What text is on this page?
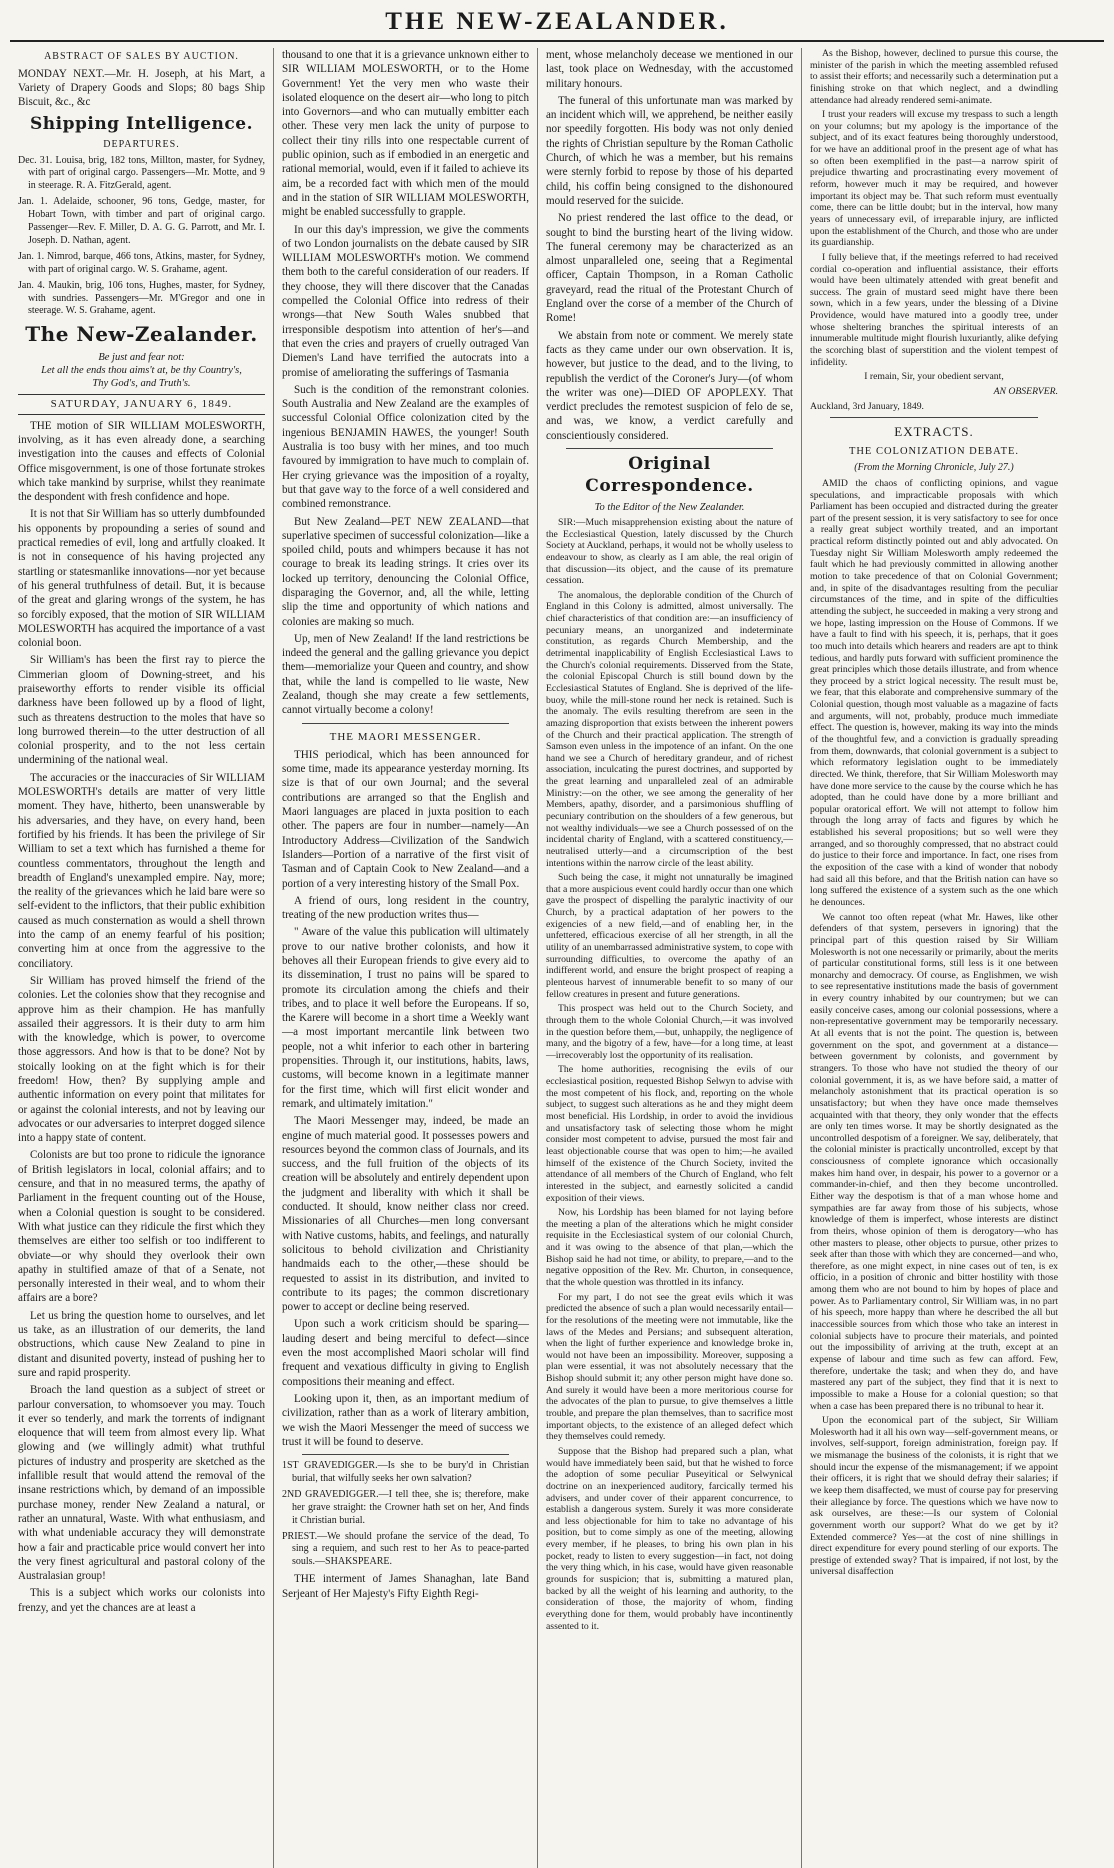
THE NEW-ZEALANDER.
ABSTRACT OF SALES BY AUCTION.

MONDAY NEXT.—Mr. H. Joseph, at his Mart, a Variety of Drapery Goods and Slops; 80 bags Ship Biscuit, &c., &c

Shipping Intelligence.
DEPARTURES.

Dec. 31. Louisa, brig, 182 tons, Millton, master, for Sydney, with part of original cargo. Passengers—Mr. Motte, and 9 in steerage. R. A. FitzGerald, agent.

Jan. 1. Adelaide, schooner, 96 tons, Gedge, master, for Hobart Town, with timber and part of original cargo. Passenger—Rev. F. Miller, D. A. G. G. Parrott, and Mr. I. Joseph. D. Nathan, agent.

Jan. 1. Nimrod, barque, 466 tons, Atkins, master, for Sydney, with part of original cargo. W. S. Grahame, agent.

Jan. 4. Maukin, brig, 106 tons, Hughes, master, for Sydney, with sundries. Passengers—Mr. M'Gregor and one in steerage. W. S. Grahame, agent.

The New-Zealander.
Be just and fear not:
Let all the ends thou aims't at, be thy Country's,
Thy God's, and Truth's.
SATURDAY, JANUARY 6, 1849.

THE motion of SIR WILLIAM MOLESWORTH, involving, as it has even already done, a searching investigation into the causes and effects of Colonial Office misgovernment, is one of those fortunate strokes which take mankind by surprise, whilst they reanimate the despondent with fresh confidence and hope.

It is not that Sir William has so utterly dumbfounded his opponents by propounding a series of sound and practical remedies of evil, long and artfully cloaked. It is not in consequence of his having projected any startling or statesmanlike innovations—nor yet because of his general truthfulness of detail. But, it is because of the great and glaring wrongs of the system, he has so forcibly exposed, that the motion of SIR WILLIAM MOLESWORTH has acquired the importance of a vast colonial boon.

Sir William's has been the first ray to pierce the Cimmerian gloom of Downing-street, and his praiseworthy efforts to render visible its official darkness have been followed up by a flood of light, such as threatens destruction to the moles that have so long burrowed therein—to the utter destruction of all colonial prosperity, and to the not less certain undermining of the national weal.

The accuracies or the inaccuracies of Sir WILLIAM MOLESWORTH's details are matter of very little moment. They have, hitherto, been unanswerable by his adversaries, and they have, on every hand, been fortified by his friends. It has been the privilege of Sir William to set a text which has furnished a theme for countless commentators, throughout the length and breadth of England's unexampled empire. Nay, more; the reality of the grievances which he laid bare were so self-evident to the inflictors, that their public exhibition caused as much consternation as would a shell thrown into the camp of an enemy fearful of his position; converting him at once from the aggressive to the conciliatory.

Sir William has proved himself the friend of the colonies. Let the colonies show that they recognise and approve him as their champion. He has manfully assailed their aggressors. It is their duty to arm him with the knowledge, which is power, to overcome those aggressors. And how is that to be done? Not by stoically looking on at the fight which is for their freedom! How, then? By supplying ample and authentic information on every point that militates for or against the colonial interests, and not by leaving our advocates or our adversaries to interpret dogged silence into a happy state of content.

Colonists are but too prone to ridicule the ignorance of British legislators in local, colonial affairs; and to censure, and that in no measured terms, the apathy of Parliament in the frequent counting out of the House, when a Colonial question is sought to be considered. With what justice can they ridicule the first which they themselves are either too selfish or too indifferent to obviate—or why should they overlook their own apathy in stultified amaze of that of a Senate, not personally interested in their weal, and to whom their affairs are a bore?

Let us bring the question home to ourselves, and let us take, as an illustration of our demerits, the land obstructions, which cause New Zealand to pine in distant and disunited poverty, instead of pushing her to sure and rapid prosperity.

Broach the land question as a subject of street or parlour conversation, to whomsoever you may. Touch it ever so tenderly, and mark the torrents of indignant eloquence that will teem from almost every lip. What glowing and (we willingly admit) what truthful pictures of industry and prosperity are sketched as the infallible result that would attend the removal of the insane restrictions which, by demand of an impossible purchase money, render New Zealand a natural, or rather an unnatural, Waste. With what enthusiasm, and with what undeniable accuracy they will demonstrate how a fair and practicable price would convert her into the very finest agricultural and pastoral colony of the Australasian group!

This is a subject which works our colonists into frenzy, and yet the chances are at least a

thousand to one that it is a grievance unknown either to SIR WILLIAM MOLESWORTH, or to the Home Government! Yet the very men who waste their isolated eloquence on the desert air—who long to pitch into Governors—and who can mutually embitter each other. These very men lack the unity of purpose to collect their tiny rills into one respectable current of public opinion, such as if embodied in an energetic and rational memorial, would, even if it failed to achieve its aim, be a recorded fact with which men of the mould and in the station of SIR WILLIAM MOLESWORTH, might be enabled successfully to grapple.

In our this day's impression, we give the comments of two London journalists on the debate caused by SIR WILLIAM MOLESWORTH's motion. We commend them both to the careful consideration of our readers. If they choose, they will there discover that the Canadas compelled the Colonial Office into redress of their wrongs—that New South Wales snubbed that irresponsible despotism into attention of her's—and that even the cries and prayers of cruelly outraged Van Diemen's Land have terrified the autocrats into a promise of ameliorating the sufferings of Tasmania

Such is the condition of the remonstrant colonies. South Australia and New Zealand are the examples of successful Colonial Office colonization cited by the ingenious BENJAMIN HAWES, the younger! South Australia is too busy with her mines, and too much favoured by immigration to have much to complain of. Her crying grievance was the imposition of a royalty, but that gave way to the force of a well considered and combined remonstrance.

But New Zealand—PET NEW ZEALAND—that superlative specimen of successful colonization—like a spoiled child, pouts and whimpers because it has not courage to break its leading strings. It cries over its locked up territory, denouncing the Colonial Office, disparaging the Governor, and, all the while, letting slip the time and opportunity of which nations and colonies are making so much.

Up, men of New Zealand! If the land restrictions be indeed the general and the galling grievance you depict them—memorialize your Queen and country, and show that, while the land is compelled to lie waste, New Zealand, though she may create a few settlements, cannot virtually become a colony!

THE MAORI MESSENGER.

THIS periodical, which has been announced for some time, made its appearance yesterday morning. Its size is that of our own Journal; and the several contributions are arranged so that the English and Maori languages are placed in juxta position to each other. The papers are four in number—namely—An Introductory Address—Civilization of the Sandwich Islanders—Portion of a narrative of the first visit of Tasman and of Captain Cook to New Zealand—and a portion of a very interesting history of the Small Pox.

A friend of ours, long resident in the country, treating of the new production writes thus—

" Aware of the value this publication will ultimately prove to our native brother colonists, and how it behoves all their European friends to give every aid to its dissemination, I trust no pains will be spared to promote its circulation among the chiefs and their tribes, and to place it well before the Europeans. If so, the Karere will become in a short time a Weekly want—a most important mercantile link between two people, not a whit inferior to each other in bartering propensities. Through it, our institutions, habits, laws, customs, will become known in a legitimate manner for the first time, which will first elicit wonder and remark, and ultimately imitation."

The Maori Messenger may, indeed, be made an engine of much material good. It possesses powers and resources beyond the common class of Journals, and its success, and the full fruition of the objects of its creation will be absolutely and entirely dependent upon the judgment and liberality with which it shall be conducted. It should, know neither class nor creed. Missionaries of all Churches—men long conversant with Native customs, habits, and feelings, and naturally solicitous to behold civilization and Christianity handmaids each to the other,—these should be requested to assist in its distribution, and invited to contribute to its pages; the common discretionary power to accept or decline being reserved.

Upon such a work criticism should be sparing—lauding desert and being merciful to defect—since even the most accomplished Maori scholar will find frequent and vexatious difficulty in giving to English compositions their meaning and effect.

Looking upon it, then, as an important medium of civilization, rather than as a work of literary ambition, we wish the Maori Messenger the meed of success we trust it will be found to deserve.

1ST GRAVEDIGGER.—Is she to be bury'd in Christian burial, that wilfully seeks her own salvation?

2ND GRAVEDIGGER.—I tell thee, she is; therefore, make her grave straight: the Crowner hath set on her, And finds it Christian burial.

PRIEST.—We should profane the service of the dead, To sing a requiem, and such rest to her As to peace-parted souls.—SHAKSPEARE.

THE interment of James Shanaghan, late Band Serjeant of Her Majesty's Fifty Eighth Regi-

ment, whose melancholy decease we mentioned in our last, took place on Wednesday, with the accustomed military honours.

The funeral of this unfortunate man was marked by an incident which will, we apprehend, be neither easily nor speedily forgotten. His body was not only denied the rights of Christian sepulture by the Roman Catholic Church, of which he was a member, but his remains were sternly forbid to repose by those of his departed child, his coffin being consigned to the dishonoured mould reserved for the suicide.

No priest rendered the last office to the dead, or sought to bind the bursting heart of the living widow. The funeral ceremony may be characterized as an almost unparalleled one, seeing that a Regimental officer, Captain Thompson, in a Roman Catholic graveyard, read the ritual of the Protestant Church of England over the corse of a member of the Church of Rome!

We abstain from note or comment. We merely state facts as they came under our own observation. It is, however, but justice to the dead, and to the living, to republish the verdict of the Coroner's Jury—(of whom the writer was one)—DIED OF APOPLEXY. That verdict precludes the remotest suspicion of felo de se, and was, we know, a verdict carefully and conscientiously considered.

Original Correspondence.
To the Editor of the New Zealander.

SIR:—Much misapprehension existing about the nature of the Ecclesiastical Question, lately discussed by the Church Society at Auckland, perhaps, it would not be wholly useless to endeavour to show, as clearly as I am able, the real origin of that discussion—its object, and the cause of its premature cessation.

The anomalous, the deplorable condition of the Church of England in this Colony is admitted, almost universally. The chief characteristics of that condition are:—an insufficiency of pecuniary means, an unorganized and indeterminate constitution, as regards Church Membership, and the detrimental inapplicability of English Ecclesiastical Laws to the Church's colonial requirements. Disserved from the State, the colonial Episcopal Church is still bound down by the Ecclesiastical Statutes of England. She is deprived of the life-buoy, while the mill-stone round her neck is retained. Such is the anomaly. The evils resulting therefrom are seen in the amazing disproportion that exists between the inherent powers of the Church and their practical application. The strength of Samson even unless in the impotence of an infant. On the one hand we see a Church of hereditary grandeur, and of richest association, inculcating the purest doctrines, and supported by the great learning and unparalleled zeal of an admirable Ministry:—on the other, we see among the generality of her Members, apathy, disorder, and a parsimonious shuffling of pecuniary contribution on the shoulders of a few generous, but not wealthy individuals—we see a Church possessed of on the incidental charity of England, with a scattered constituency,—neutralised utterly—and a circumscription of the best intentions within the narrow circle of the least ability.

Such being the case, it might not unnaturally be imagined that a more auspicious event could hardly occur than one which gave the prospect of dispelling the paralytic inactivity of our Church, by a practical adaptation of her powers to the exigencies of a new field,—and of enabling her, in the unfettered, efficacious exercise of all her strength, in all the utility of an unembarrassed administrative system, to cope with surrounding difficulties, to overcome the apathy of an indifferent world, and ensure the bright prospect of reaping a plenteous harvest of innumerable benefit to so many of our fellow creatures in present and future generations.

This prospect was held out to the Church Society, and through them to the whole Colonial Church,—it was involved in the question before them,—but, unhappily, the negligence of many, and the bigotry of a few, have—for a long time, at least—irrecoverably lost the opportunity of its realisation.

The home authorities, recognising the evils of our ecclesiastical position, requested Bishop Selwyn to advise with the most competent of his flock, and, reporting on the whole subject, to suggest such alterations as he and they might deem most beneficial. His Lordship, in order to avoid the invidious and unsatisfactory task of selecting those whom he might consider most competent to advise, pursued the most fair and least objectionable course that was open to him;—he availed himself of the existence of the Church Society, invited the attendance of all members of the Church of England, who felt interested in the subject, and earnestly solicited a candid exposition of their views.

Now, his Lordship has been blamed for not laying before the meeting a plan of the alterations which he might consider requisite in the Ecclesiastical system of our colonial Church, and it was owing to the absence of that plan,—which the Bishop said he had not time, or ability, to prepare,—and to the negative opposition of the Rev. Mr. Churton, in consequence, that the whole question was throttled in its infancy.

For my part, I do not see the great evils which it was predicted the absence of such a plan would necessarily entail—for the resolutions of the meeting were not immutable, like the laws of the Medes and Persians; and subsequent alteration, when the light of further experience and knowledge broke in, would not have been an impossibility. Moreover, supposing a plan were essential, it was not absolutely necessary that the Bishop should submit it; any other person might have done so. And surely it would have been a more meritorious course for the advocates of the plan to pursue, to give themselves a little trouble, and prepare the plan themselves, than to sacrifice most important objects, to the existence of an alleged defect which they themselves could remedy.

Suppose that the Bishop had prepared such a plan, what would have immediately been said, but that he wished to force the adoption of some peculiar Puseyitical or Selwynical doctrine on an inexperienced auditory, farcically termed his advisers, and under cover of their apparent concurrence, to establish a dangerous system. Surely it was more considerate and less objectionable for him to take no advantage of his position, but to come simply as one of the meeting, allowing every member, if he pleases, to bring his own plan in his pocket, ready to listen to every suggestion—in fact, not doing the very thing which, in his case, would have given reasonable grounds for suspicion; that is, submitting a matured plan, backed by all the weight of his learning and authority, to the consideration of those, the majority of whom, finding everything done for them, would probably have incontinently assented to it.

As the Bishop, however, declined to pursue this course, the minister of the parish in which the meeting assembled refused to assist their efforts; and necessarily such a determination put a finishing stroke on that which neglect, and a dwindling attendance had already rendered semi-animate.

I trust your readers will excuse my trespass to such a length on your columns; but my apology is the importance of the subject, and of its exact features being thoroughly understood, for we have an additional proof in the present age of what has so often been exemplified in the past—a narrow spirit of prejudice thwarting and procrastinating every movement of reform, however much it may be required, and however important its object may be. That such reform must eventually come, there can be little doubt; but in the interval, how many years of unnecessary evil, of irreparable injury, are inflicted upon the establishment of the Church, and those who are under its guardianship.

I fully believe that, if the meetings referred to had received cordial co-operation and influential assistance, their efforts would have been ultimately attended with great benefit and success. The grain of mustard seed might have there been sown, which in a few years, under the blessing of a Divine Providence, would have matured into a goodly tree, under whose sheltering branches the spiritual interests of an innumerable multitude might flourish luxuriantly, alike defying the scorching blast of superstition and the violent tempest of infidelity.

I remain, Sir, your obedient servant,

AN OBSERVER.

Auckland, 3rd January, 1849.

EXTRACTS.
THE COLONIZATION DEBATE.
(From the Morning Chronicle, July 27.)

AMID the chaos of conflicting opinions, and vague speculations, and impracticable proposals with which Parliament has been occupied and distracted during the greater part of the present session, it is very satisfactory to see for once a really great subject worthily treated, and an important practical reform distinctly pointed out and ably advocated. On Tuesday night Sir William Molesworth amply redeemed the fault which he had previously committed in allowing another motion to take precedence of that on Colonial Government; and, in spite of the disadvantages resulting from the peculiar circumstances of the time, and in spite of the difficulties attending the subject, he succeeded in making a very strong and we hope, lasting impression on the House of Commons. If we have a fault to find with his speech, it is, perhaps, that it goes too much into details which hearers and readers are apt to think tedious, and hardly puts forward with sufficient prominence the great principles which those details illustrate, and from whence they proceed by a strict logical necessity. The result must be, we fear, that this elaborate and comprehensive summary of the Colonial question, though most valuable as a magazine of facts and arguments, will not, probably, produce much immediate effect. The question is, however, making its way into the minds of the thoughtful few, and a conviction is gradually spreading from them, downwards, that colonial government is a subject to which reformatory legislation ought to be immediately directed. We think, therefore, that Sir William Molesworth may have done more service to the cause by the course which he has adopted, than he could have done by a more brilliant and popular oratorical effort. We will not attempt to follow him through the long array of facts and figures by which he established his several propositions; but so well were they arranged, and so thoroughly compressed, that no abstract could do justice to their force and importance. In fact, one rises from the exposition of the case with a kind of wonder that nobody had said all this before, and that the British nation can have so long suffered the existence of a system such as the one which he denounces.

We cannot too often repeat (what Mr. Hawes, like other defenders of that system, persevers in ignoring) that the principal part of this question raised by Sir William Molesworth is not one necessarily or primarily, about the merits of particular constitutional forms, still less is it one between monarchy and democracy. Of course, as Englishmen, we wish to see representative institutions made the basis of government in every country inhabited by our countrymen; but we can easily conceive cases, among our colonial possessions, where a non-representative government may be temporarily necessary. At all events that is not the point. The question is, between government on the spot, and government at a distance—between government by colonists, and government by strangers. To those who have not studied the theory of our colonial government, it is, as we have before said, a matter of melancholy astonishment that its practical operation is so unsatisfactory; but when they have once made themselves acquainted with that theory, they only wonder that the effects are only ten times worse. It may be shortly designated as the uncontrolled despotism of a foreigner. We say, deliberately, that the colonial minister is practically uncontrolled, except by that consciousness of complete ignorance which occasionally makes him hand over, in despair, his power to a governor or a commander-in-chief, and then they become uncontrolled. Either way the despotism is that of a man whose home and sympathies are far away from those of his subjects, whose knowledge of them is imperfect, whose interests are distinct from theirs, whose opinion of them is derogatory—who has other masters to please, other objects to pursue, other prizes to seek after than those with which they are concerned—and who, therefore, as one might expect, in nine cases out of ten, is ex officio, in a position of chronic and bitter hostility with those among them who are not bound to him by hopes of place and power. As to Parliamentary control, Sir William was, in no part of his speech, more happy than where he described the all but inaccessible sources from which those who take an interest in colonial subjects have to procure their materials, and pointed out the impossibility of arriving at the truth, except at an expense of labour and time such as few can afford. Few, therefore, undertake the task; and when they do, and have mastered any part of the subject, they find that it is next to impossible to make a House for a colonial question; so that when a case has been prepared there is no tribunal to hear it.

Upon the economical part of the subject, Sir William Molesworth had it all his own way—self-government means, or involves, self-support, foreign administration, foreign pay. If we mismanage the business of the colonists, it is right that we should incur the expense of the mismanagement; if we appoint their officers, it is right that we should defray their salaries; if we keep them disaffected, we must of course pay for preserving their allegiance by force. The questions which we have now to ask ourselves, are these:—Is our system of Colonial government worth our support? What do we get by it? Extended commerce? Yes—at the cost of nine shillings in direct expenditure for every pound sterling of our exports. The prestige of extended sway? That is impaired, if not lost, by the universal disaffection
